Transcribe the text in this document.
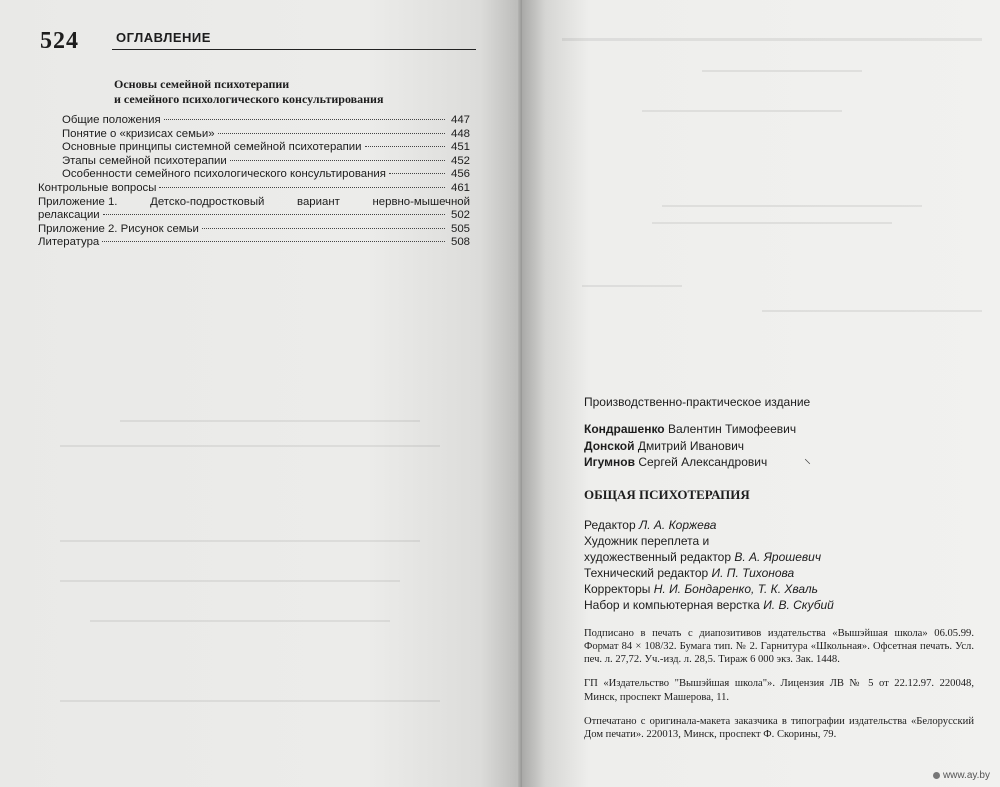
524	ОГЛАВЛЕНИЕ
Основы семейной психотерапии
и семейного психологического консультирования
Общие положения	447
Понятие о «кризисах семьи»	448
Основные принципы системной семейной психотерапии	451
Этапы семейной психотерапии	452
Особенности семейного психологического консультирования	456
Контрольные вопросы	461
Приложение 1.	Детско-подростковый	вариант	нервно-мышечной
релаксации	502
Приложение 2. Рисунок семьи	505
Литература	508
Производственно-практическое издание
Кондрашенко Валентин Тимофеевич
Донской Дмитрий Иванович
Игумнов Сергей Александрович
ОБЩАЯ ПСИХОТЕРАПИЯ
Редактор Л. А. Коржева
Художник переплета и
художественный редактор В. А. Ярошевич
Технический редактор И. П. Тихонова
Корректоры Н. И. Бондаренко, Т. К. Хваль
Набор и компьютерная верстка И. В. Скубий

Подписано в печать с диапозитивов издательства «Вышэйшая школа» 06.05.99. Формат 84 × 108/32. Бумага тип. № 2. Гарнитура «Школьная». Офсетная печать. Усл. печ. л. 27,72. Уч.-изд. л. 28,5. Тираж 6 000 экз. Зак. 1448.

ГП «Издательство "Вышэйшая школа"». Лицензия ЛВ № 5 от 22.12.97. 220048, Минск, проспект Машерова, 11.

Отпечатано с оригинала-макета заказчика в типографии издательства «Белорусский Дом печати». 220013, Минск, проспект Ф. Скорины, 79.

⸜
www.ay.by
